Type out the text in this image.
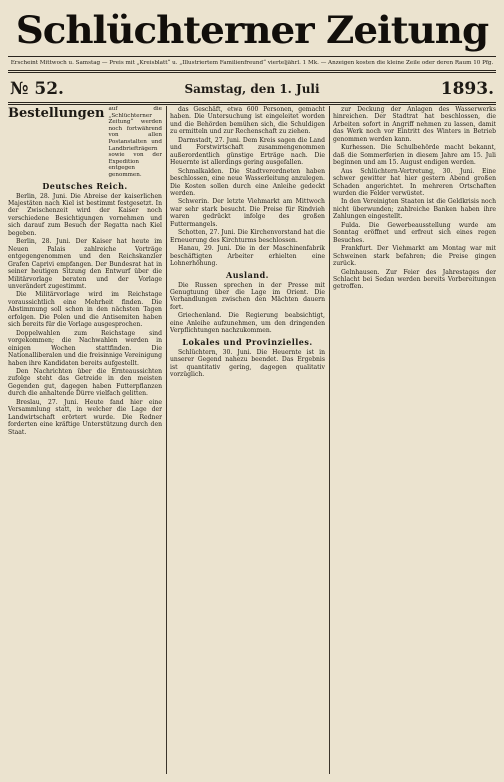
Schlüchterner Zeitung
Erscheint Mittwoch u. Samstag — Preis mit „Kreisblatt“ u. „Illustriertem Familienfreund“ vierteljährl. 1 Mk. — Anzeigen kosten die kleine Zeile oder deren Raum 10 Pfg.
№ 52.	Samstag, den 1. Juli	1893.
Bestellungen auf die „Schlüchterner Zeitung“ werden noch fortwährend von allen Postanstalten und Landbriefträgern sowie von der Expedition entgegen genommen.
Deutsches Reich.

Berlin, 28. Juni. Die Abreise der kaiserlichen Majestäten nach Kiel ist bestimmt festgesetzt. In der Zwischenzeit wird der Kaiser noch verschiedene Besichtigungen vornehmen und sich darauf zum Besuch der Regatta nach Kiel begeben.

Berlin, 28. Juni. Der Kaiser hat heute im Neuen Palais zahlreiche Vorträge entgegengenommen und den Reichskanzler Grafen Caprivi empfangen. Der Bundesrat hat in seiner heutigen Sitzung den Entwurf über die Militärvorlage beraten und der Vorlage unverändert zugestimmt.

Die Militärvorlage wird im Reichstage voraussichtlich eine Mehrheit finden. Die Abstimmung soll schon in den nächsten Tagen erfolgen. Die Polen und die Antisemiten haben sich bereits für die Vorlage ausgesprochen.

Doppelwahlen zum Reichstage sind vorgekommen; die Nachwahlen werden in einigen Wochen stattfinden. Die Nationalliberalen und die freisinnige Vereinigung haben ihre Kandidaten bereits aufgestellt.

Den Nachrichten über die Ernteaussichten zufolge steht das Getreide in den meisten Gegenden gut, dagegen haben Futterpflanzen durch die anhaltende Dürre vielfach gelitten.

Breslau, 27. Juni. Heute fand hier eine Versammlung statt, in welcher die Lage der Landwirtschaft erörtert wurde. Die Redner forderten eine kräftige Unterstützung durch den Staat.

das Geschäft, etwa 600 Personen, gemacht haben. Die Untersuchung ist eingeleitet worden und die Behörden bemühen sich, die Schuldigen zu ermitteln und zur Rechenschaft zu ziehen.

Darmstadt, 27. Juni. Dem Kreis sagen die Land und Forstwirtschaft zusammengenommen außerordentlich günstige Erträge nach. Die Heuernte ist allerdings gering ausgefallen.

Schmalkalden. Die Stadtverordneten haben beschlossen, eine neue Wasserleitung anzulegen. Die Kosten sollen durch eine Anleihe gedeckt werden.

Schwerin. Der letzte Viehmarkt am Mittwoch war sehr stark besucht. Die Preise für Rindvieh waren gedrückt infolge des großen Futtermangels.

Schotten, 27. Juni. Die Kirchenvorstand hat die Erneuerung des Kirchturms beschlossen.

Hanau, 29. Juni. Die in der Maschinenfabrik beschäftigten Arbeiter erhielten eine Lohnerhöhung.

Ausland.

Die Russen sprechen in der Presse mit Genugtuung über die Lage im Orient. Die Verhandlungen zwischen den Mächten dauern fort.

Griechenland. Die Regierung beabsichtigt, eine Anleihe aufzunehmen, um den dringenden Verpflichtungen nachzukommen.

Lokales und Provinzielles.

Schlüchtern, 30. Juni. Die Heuernte ist in unserer Gegend nahezu beendet. Das Ergebnis ist quantitativ gering, dagegen qualitativ vorzüglich.

zur Deckung der Anlagen des Wasserwerks hinreichen. Der Stadtrat hat beschlossen, die Arbeiten sofort in Angriff nehmen zu lassen, damit das Werk noch vor Eintritt des Winters in Betrieb genommen werden kann.

Kurhessen. Die Schulbehörde macht bekannt, daß die Sommerferien in diesem Jahre am 15. Juli beginnen und am 15. August endigen werden.

Aus Schlüchtern-Vertretung, 30. Juni. Eine schwer gewitter hat hier gestern Abend großen Schaden angerichtet. In mehreren Ortschaften wurden die Felder verwüstet.

In den Vereinigten Staaten ist die Geldkrisis noch nicht überwunden; zahlreiche Banken haben ihre Zahlungen eingestellt.

Fulda. Die Gewerbeausstellung wurde am Sonntag eröffnet und erfreut sich eines regen Besuches.

Frankfurt. Der Viehmarkt am Montag war mit Schweinen stark befahren; die Preise gingen zurück.

Gelnhausen. Zur Feier des Jahrestages der Schlacht bei Sedan werden bereits Vorbereitungen getroffen.
